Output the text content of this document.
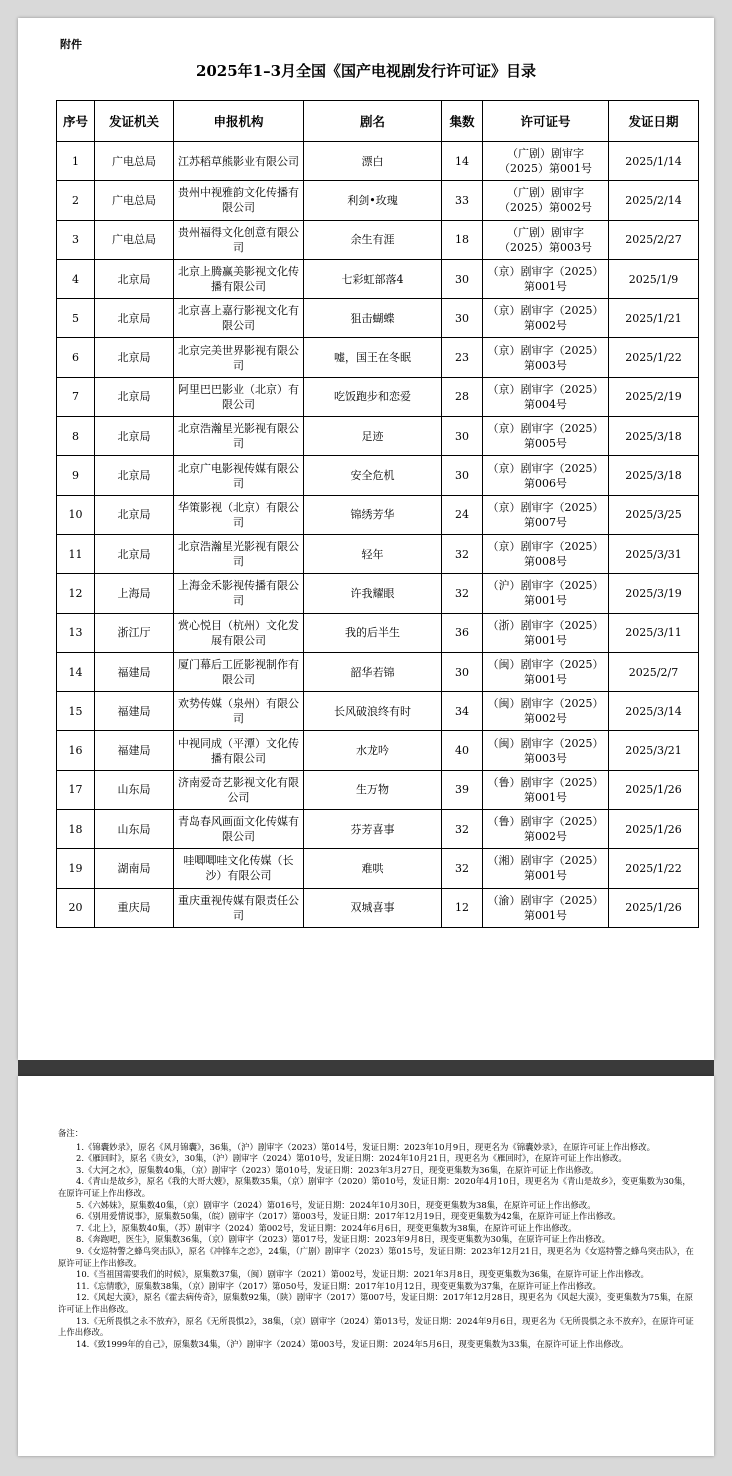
附件
2025年1–3月全国《国产电视剧发行许可证》目录
序号	发证机关	申报机构	剧名	集数	许可证号	发证日期
1	广电总局	江苏稻草熊影业有限公司	漂白	14	（广剧）剧审字（2025）第001号	2025/1/14
2	广电总局	贵州中视雅韵文化传播有限公司	利剑•玫瑰	33	（广剧）剧审字（2025）第002号	2025/2/14
3	广电总局	贵州福得文化创意有限公司	余生有涯	18	（广剧）剧审字（2025）第003号	2025/2/27
4	北京局	北京上腾赢美影视文化传播有限公司	七彩虹部落4	30	（京）剧审字（2025）第001号	2025/1/9
5	北京局	北京喜上嘉行影视文化有限公司	狙击蝴蝶	30	（京）剧审字（2025）第002号	2025/1/21
6	北京局	北京完美世界影视有限公司	嘘，国王在冬眠	23	（京）剧审字（2025）第003号	2025/1/22
7	北京局	阿里巴巴影业（北京）有限公司	吃饭跑步和恋爱	28	（京）剧审字（2025）第004号	2025/2/19
8	北京局	北京浩瀚星光影视有限公司	足迹	30	（京）剧审字（2025）第005号	2025/3/18
9	北京局	北京广电影视传媒有限公司	安全危机	30	（京）剧审字（2025）第006号	2025/3/18
10	北京局	华策影视（北京）有限公司	锦绣芳华	24	（京）剧审字（2025）第007号	2025/3/25
11	北京局	北京浩瀚星光影视有限公司	轻年	32	（京）剧审字（2025）第008号	2025/3/31
12	上海局	上海金禾影视传播有限公司	许我耀眼	32	（沪）剧审字（2025）第001号	2025/3/19
13	浙江厅	赏心悦目（杭州）文化发展有限公司	我的后半生	36	（浙）剧审字（2025）第001号	2025/3/11
14	福建局	厦门幕后工匠影视制作有限公司	韶华若锦	30	（闽）剧审字（2025）第001号	2025/2/7
15	福建局	欢势传媒（泉州）有限公司	长风破浪终有时	34	（闽）剧审字（2025）第002号	2025/3/14
16	福建局	中视同成（平潭）文化传播有限公司	水龙吟	40	（闽）剧审字（2025）第003号	2025/3/21
17	山东局	济南爱奇艺影视文化有限公司	生万物	39	（鲁）剧审字（2025）第001号	2025/1/26
18	山东局	青岛春风画面文化传媒有限公司	芬芳喜事	32	（鲁）剧审字（2025）第002号	2025/1/26
19	湖南局	哇唧唧哇文化传媒（长沙）有限公司	难哄	32	（湘）剧审字（2025）第001号	2025/1/22
20	重庆局	重庆重视传媒有限责任公司	双城喜事	12	（渝）剧审字（2025）第001号	2025/1/26
备注：
1.《锦囊妙录》，原名《风月锦囊》，36集，（沪）剧审字（2023）第014号，发证日期：2023年10月9日，现更名为《锦囊妙录》，在原许可证上作出修改。
2.《雁回时》，原名《贵女》，30集，（沪）剧审字（2024）第010号，发证日期：2024年10月21日，现更名为《雁回时》，在原许可证上作出修改。
3.《大河之水》，原集数40集，（京）剧审字（2023）第010号，发证日期：2023年3月27日，现变更集数为36集，在原许可证上作出修改。
4.《青山是故乡》，原名《我的大哥大嫂》，原集数35集，（京）剧审字（2020）第010号，发证日期：2020年4月10日，现更名为《青山是故乡》，变更集数为30集，在原许可证上作出修改。
5.《六姊妹》，原集数40集，（京）剧审字（2024）第016号，发证日期：2024年10月30日，现变更集数为38集，在原许可证上作出修改。
6.《别用爱情说事》，原集数50集，（皖）剧审字（2017）第003号，发证日期：2017年12月19日，现变更集数为42集，在原许可证上作出修改。
7.《北上》，原集数40集，（苏）剧审字（2024）第002号，发证日期：2024年6月6日，现变更集数为38集，在原许可证上作出修改。
8.《奔跑吧，医生》，原集数36集，（京）剧审字（2023）第017号，发证日期：2023年9月8日，现变更集数为30集，在原许可证上作出修改。
9.《女巡特警之蜂鸟突击队》，原名《冲锋车之恋》，24集，（广剧）剧审字（2023）第015号，发证日期：2023年12月21日，现更名为《女巡特警之蜂鸟突击队》，在原许可证上作出修改。
10.《当祖国需要我们的时候》，原集数37集，（闽）剧审字（2021）第002号，发证日期：2021年3月8日，现变更集数为36集，在原许可证上作出修改。
11.《忘情歌》，原集数38集，（京）剧审字（2017）第050号，发证日期：2017年10月12日，现变更集数为37集，在原许可证上作出修改。
12.《风起大漠》，原名《霍去病传奇》，原集数92集，（陕）剧审字（2017）第007号，发证日期：2017年12月28日，现更名为《风起大漠》，变更集数为75集，在原许可证上作出修改。
13.《无所畏惧之永不放弃》，原名《无所畏惧2》，38集，（京）剧审字（2024）第013号，发证日期：2024年9月6日，现更名为《无所畏惧之永不放弃》，在原许可证上作出修改。
14.《致1999年的自己》，原集数34集，（沪）剧审字（2024）第003号，发证日期：2024年5月6日，现变更集数为33集，在原许可证上作出修改。
